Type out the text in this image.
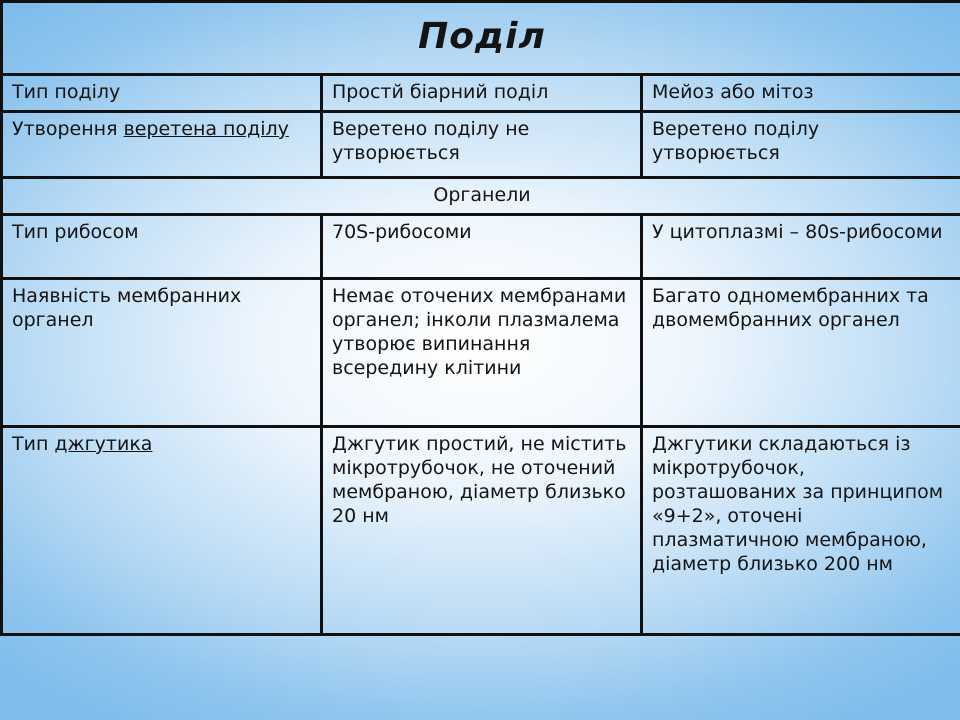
Поділ		
Тип поділу	Простй біарний поділ	Мейоз або мітоз
Утворення веретена поділу	Веретено поділу не утворюється	Веретено поділу утворюється
Органели		
Тип рибосом	70S-рибосоми	У цитоплазмі – 80s-рибосоми
Наявність мембранних органел	Немає оточених мембранами органел; інколи плазмалема утворює випинання всередину клітини	Багато одномембранних та двомембранних органел
Тип джгутика	Джгутик простий, не містить мікротрубочок, не оточений мембраною, діаметр близько 20 нм	Джгутики складаються із мікротрубочок, розташованих за принципом «9+2», оточені плазматичною мембраною, діаметр близько 200 нм
